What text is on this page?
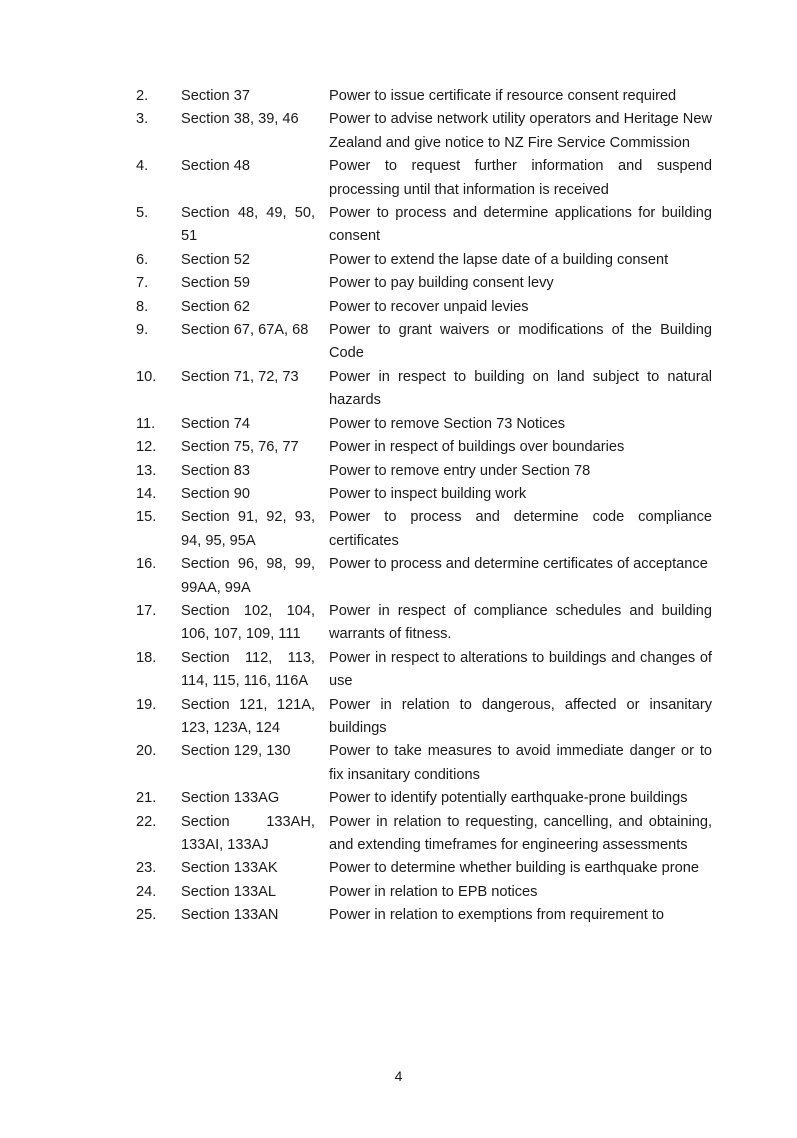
2.	Section 37	Power to issue certificate if resource consent required
3.	Section 38, 39, 46	Power to advise network utility operators and Heritage New Zealand and give notice to NZ Fire Service Commission
4.	Section 48	Power to request further information and suspend processing until that information is received
5.	Section 48, 49, 50, 51	Power to process and determine applications for building consent
6.	Section 52	Power to extend the lapse date of a building consent
7.	Section 59	Power to pay building consent levy
8.	Section 62	Power to recover unpaid levies
9.	Section 67, 67A, 68	Power to grant waivers or modifications of the Building Code
10.	Section 71, 72, 73	Power in respect to building on land subject to natural hazards
11.	Section 74	Power to remove Section 73 Notices
12.	Section 75, 76, 77	Power in respect of buildings over boundaries
13.	Section 83	Power to remove entry under Section 78
14.	Section 90	Power to inspect building work
15.	Section 91, 92, 93, 94, 95, 95A	Power to process and determine code compliance certificates
16.	Section 96, 98, 99, 99AA, 99A	Power to process and determine certificates of acceptance
17.	Section 102, 104, 106, 107, 109, 111	Power in respect of compliance schedules and building warrants of fitness.
18.	Section 112, 113, 114, 115, 116, 116A	Power in respect to alterations to buildings and changes of use
19.	Section 121, 121A, 123, 123A, 124	Power in relation to dangerous, affected or insanitary buildings
20.	Section 129, 130	Power to take measures to avoid immediate danger or to fix insanitary conditions
21.	Section 133AG	Power to identify potentially earthquake-prone buildings
22.	Section 133AH, 133AI, 133AJ	Power in relation to requesting, cancelling, and obtaining, and extending timeframes for engineering assessments
23.	Section 133AK	Power to determine whether building is earthquake prone
24.	Section 133AL	Power in relation to EPB notices
25.	Section 133AN	Power in relation to exemptions from requirement to
4
